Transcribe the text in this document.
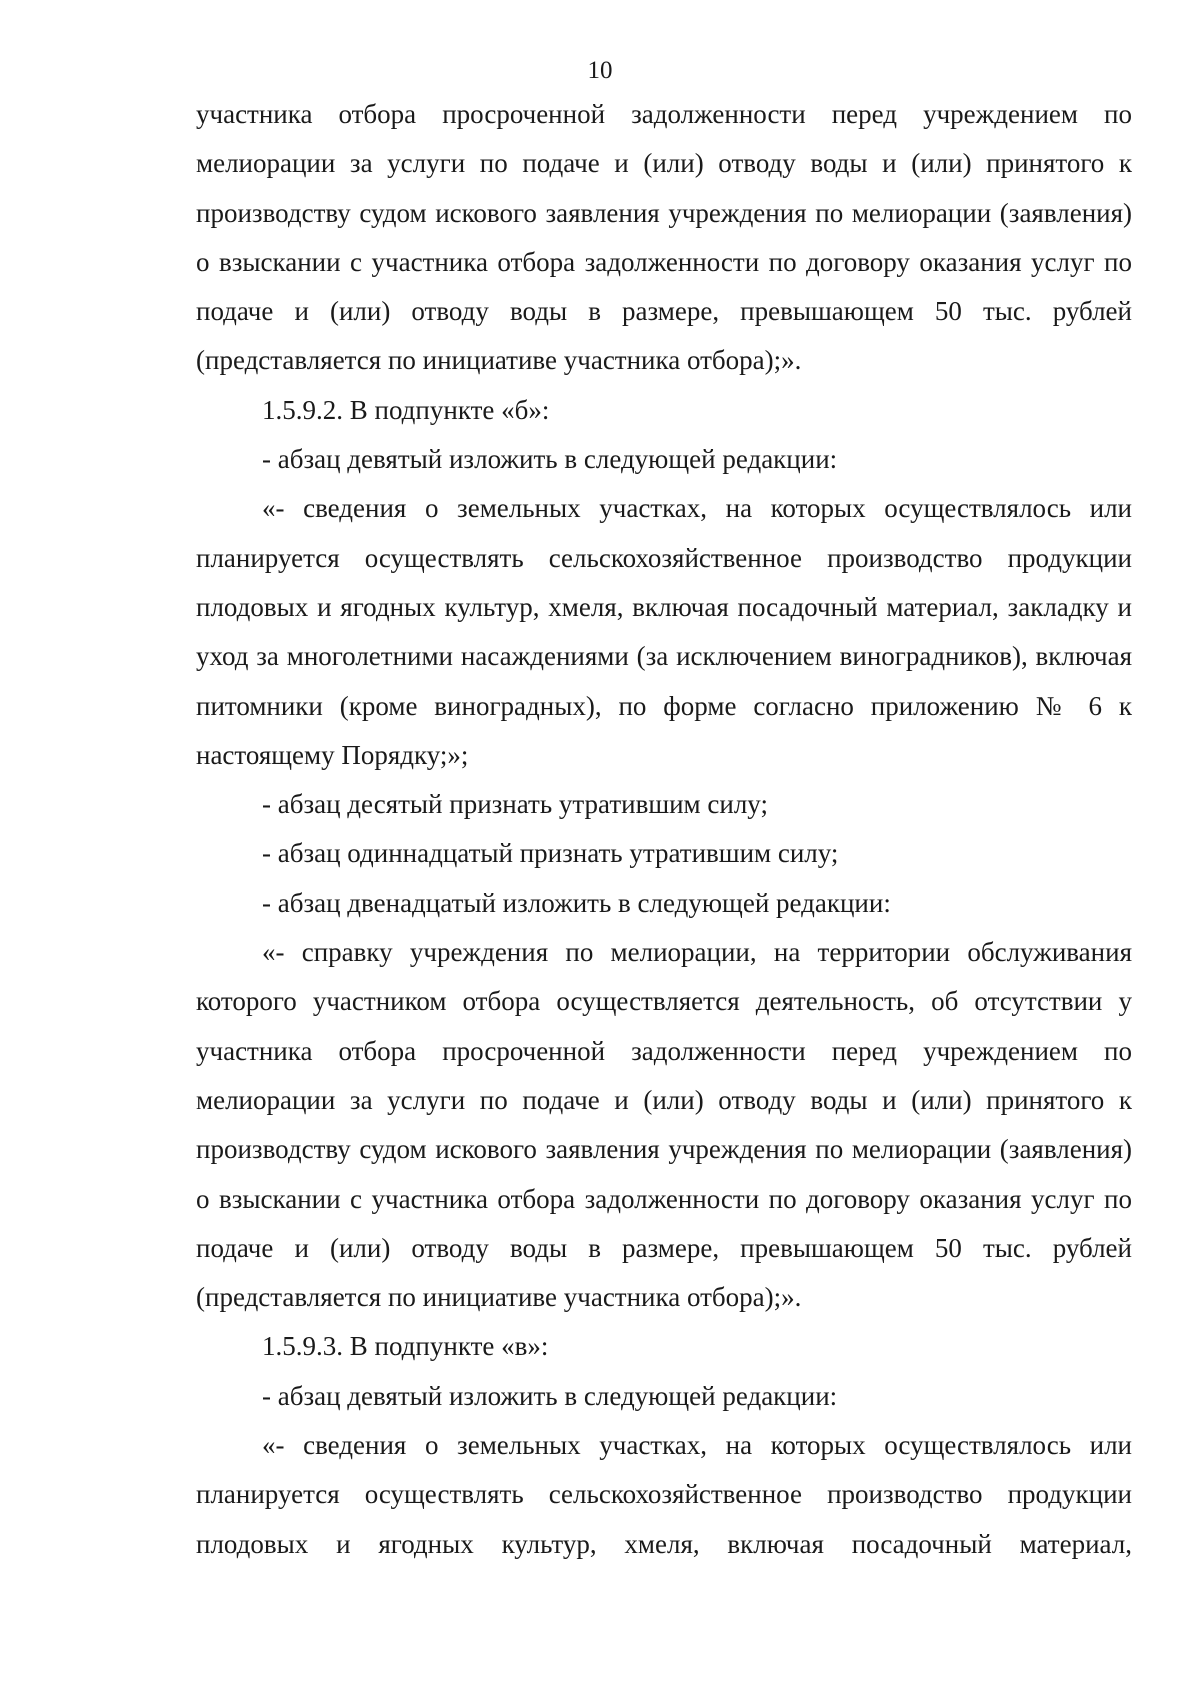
10

участника отбора просроченной задолженности перед учреждением по мелиорации за услуги по подаче и (или) отводу воды и (или) принятого к производству судом искового заявления учреждения по мелиорации (заявления) о взыскании с участника отбора задолженности по договору оказания услуг по подаче и (или) отводу воды в размере, превышающем 50 тыс. рублей (представляется по инициативе участника отбора);».

1.5.9.2. В подпункте «б»:

- абзац девятый изложить в следующей редакции:

«- сведения о земельных участках, на которых осуществлялось или планируется осуществлять сельскохозяйственное производство продукции плодовых и ягодных культур, хмеля, включая посадочный материал, закладку и уход за многолетними насаждениями (за исключением виноградников), включая питомники (кроме виноградных), по форме согласно приложению № 6 к настоящему Порядку;»;

- абзац десятый признать утратившим силу;

- абзац одиннадцатый признать утратившим силу;

- абзац двенадцатый изложить в следующей редакции:

«- справку учреждения по мелиорации, на территории обслуживания которого участником отбора осуществляется деятельность, об отсутствии у участника отбора просроченной задолженности перед учреждением по мелиорации за услуги по подаче и (или) отводу воды и (или) принятого к производству судом искового заявления учреждения по мелиорации (заявления) о взыскании с участника отбора задолженности по договору оказания услуг по подаче и (или) отводу воды в размере, превышающем 50 тыс. рублей (представляется по инициативе участника отбора);».

1.5.9.3. В подпункте «в»:

- абзац девятый изложить в следующей редакции:

«- сведения о земельных участках, на которых осуществлялось или планируется осуществлять сельскохозяйственное производство продукции плодовых и ягодных культур, хмеля, включая посадочный материал,
